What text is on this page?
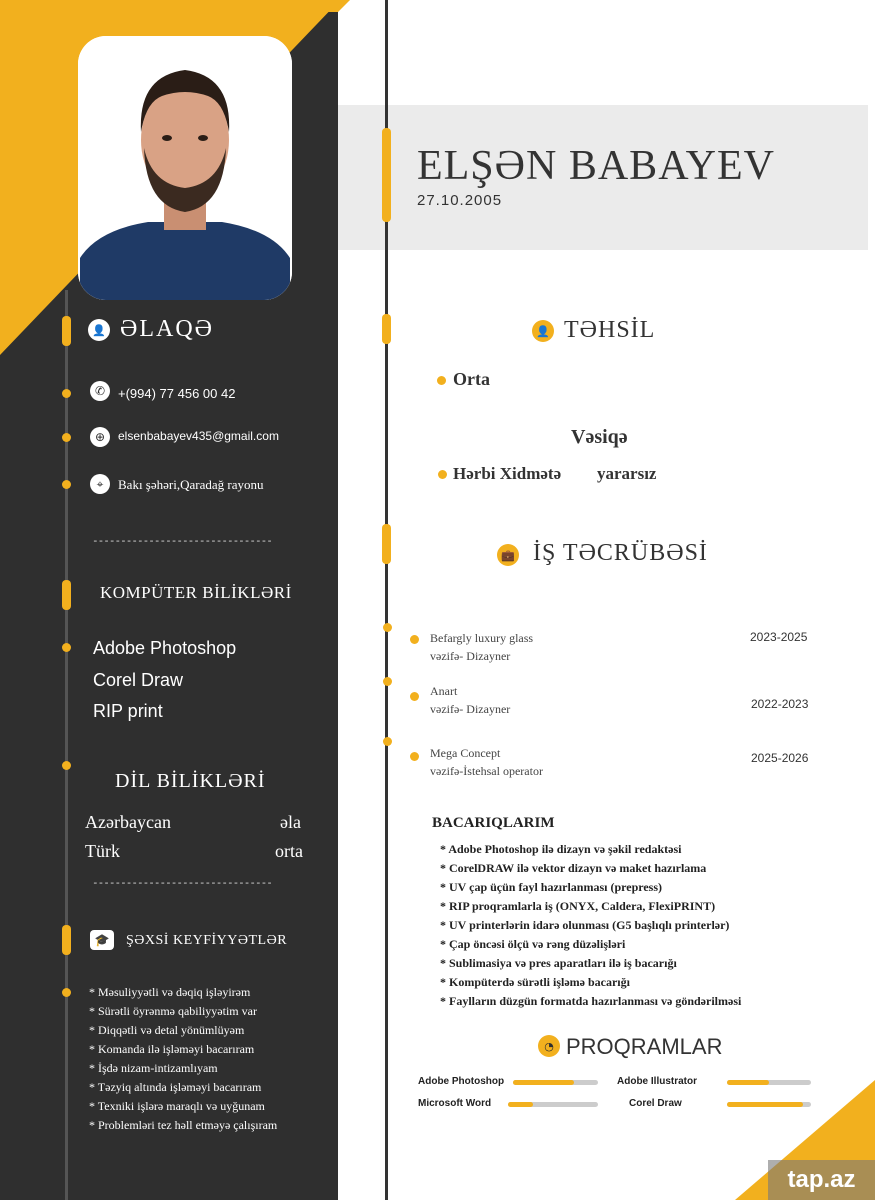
👤 ƏLAQƏ
✆ +(994) 77 456 00 42
⊕	elsenbabayev435@gmail.com
⌖	Bakı şəhəri,Qaradağ rayonu
--------------------------------
KOMPÜTER BİLİKLƏRİ
Adobe Photoshop
Corel Draw
RIP print
DİL BİLİKLƏRİ
Azərbaycan	əla
Türk	orta
--------------------------------
🎓	ŞƏXSİ KEYFİYYƏTLƏR
* Məsuliyyətli və dəqiq işləyirəm
* Sürətli öyrənmə qabiliyyətim var
* Diqqətli və detal yönümlüyəm
* Komanda ilə işləməyi bacarıram
* İşdə nizam-intizamlıyam
* Təzyiq altında işləməyi bacarıram
* Texniki işlərə maraqlı və uyğunam
* Problemləri tez həll etməyə çalışıram
ELŞƏN BABAYEV
27.10.2005
👤 TƏHSİL
Orta
Vəsiqə
Hərbi Xidmətə yararsız
💼 İŞ TƏCRÜBƏSİ
Befargly luxury glass
vəzifə- Dizayner
2023-2025
Anart
vəzifə- Dizayner	2022-2023
Mega Concept
vəzifə-İstehsal operator
2025-2026
BACARIQLARIM
* Adobe Photoshop ilə dizayn və şəkil redaktəsi
* CorelDRAW ilə vektor dizayn və maket hazırlama
* UV çap üçün fayl hazırlanması (prepress)
* RIP proqramlarla iş (ONYX, Caldera, FlexiPRINT)
* UV printerlərin idarə olunması (G5 başlıqlı printerlər)
* Çap öncəsi ölçü və rəng düzəlişləri
* Sublimasiya və pres aparatları ilə iş bacarığı
* Kompüterdə sürətli işləmə bacarığı
* Faylların düzgün formatda hazırlanması və göndərilməsi
◔ PROQRAMLAR
Adobe Photoshop	Adobe Illustrator
Microsoft Word	Corel Draw
tap.az
